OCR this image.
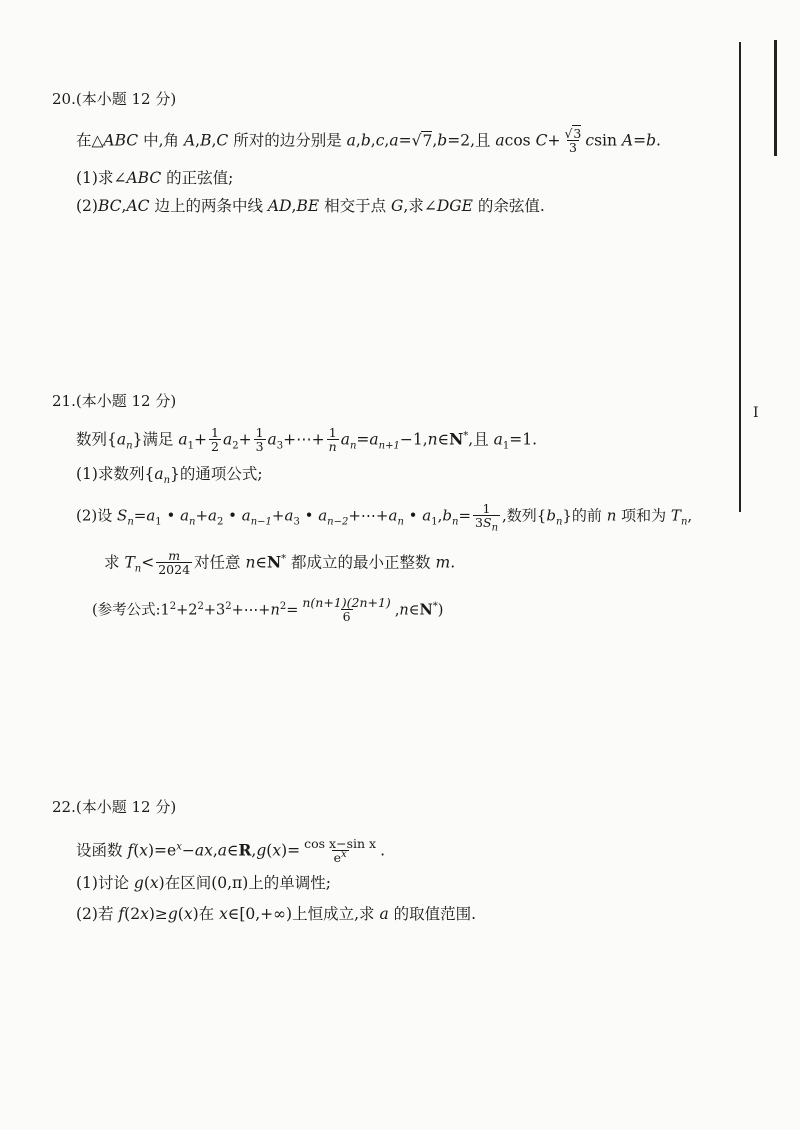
20.(本小题 12 分)
在△ABC 中,角 A,B,C 所对的边分别是 a,b,c,a=√7,b=2,且 acos $C+ \frac{√3}{3}$ csin A=b.
(1)求∠ABC 的正弦值;
(2)BC,AC 边上的两条中线 AD,BE 相交于点 G,求∠DGE 的余弦值.
21.(本小题 12 分)
数列$\{a_n\}$满足 $a_1+ \frac{1}{2} a_2+ \frac{1}{3}$ $a_3+\cdots+ \frac{1}{n}$ $a_n=a_{n+1}-1,n\in N^*$,且 $a_1=1$.
(1)求数列$\{a_n\}$的通项公式;
(2)设 $S_n=a_1$ • $a_n+a_2$ • $a_{n-1}+a_3$ • $a_{n-2}+\cdots+a_n$ • $a_1,b_n= \frac{1}{3S_n}$ ,数列$\{b_n\}$的前 n 项和为 $T_n$,
求 $T_n< \frac{m}{2024}$ 对任意 n∈N* 都成立的最小正整数 m.
(参考公式$:1^2+2^2+3^2+\cdots+n^2= \frac{n(n+1)(2n+1)}{6}$ ,n∈N*)
22.(本小题 12 分)
设函数 $f(x)=e^x-ax,a\in R,g(x)= \frac{\text{cos x−sin x}}{e^x}$ .
(1)讨论 g(x)在区间(0,π)上的单调性;
(2)若 f(2x)≥g(x)在 x∈[0,+∞)上恒成立,求 a 的取值范围.
I
